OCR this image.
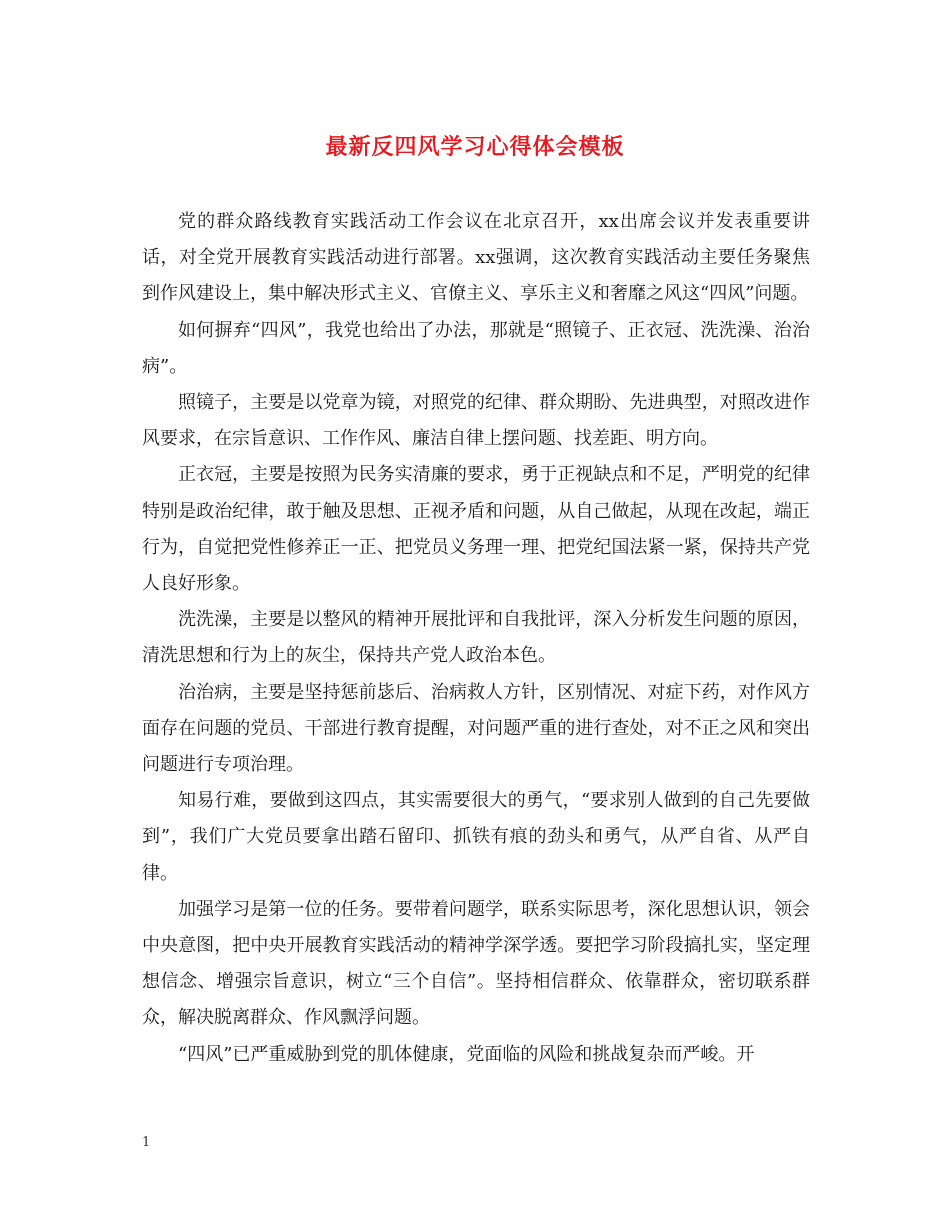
最新反四风学习心得体会模板

党的群众路线教育实践活动工作会议在北京召开，xx出席会议并发表重要讲话，对全党开展教育实践活动进行部署。xx强调，这次教育实践活动主要任务聚焦到作风建设上，集中解决形式主义、官僚主义、享乐主义和奢靡之风这“四风”问题。

如何摒弃“四风”，我党也给出了办法，那就是“照镜子、正衣冠、洗洗澡、治治病”。

照镜子，主要是以党章为镜，对照党的纪律、群众期盼、先进典型，对照改进作风要求，在宗旨意识、工作作风、廉洁自律上摆问题、找差距、明方向。

正衣冠，主要是按照为民务实清廉的要求，勇于正视缺点和不足，严明党的纪律特别是政治纪律，敢于触及思想、正视矛盾和问题，从自己做起，从现在改起，端正行为，自觉把党性修养正一正、把党员义务理一理、把党纪国法紧一紧，保持共产党人良好形象。

洗洗澡，主要是以整风的精神开展批评和自我批评，深入分析发生问题的原因，清洗思想和行为上的灰尘，保持共产党人政治本色。

治治病，主要是坚持惩前毖后、治病救人方针，区别情况、对症下药，对作风方面存在问题的党员、干部进行教育提醒，对问题严重的进行查处，对不正之风和突出问题进行专项治理。

知易行难，要做到这四点，其实需要很大的勇气，“要求别人做到的自己先要做到”，我们广大党员要拿出踏石留印、抓铁有痕的劲头和勇气，从严自省、从严自律。

加强学习是第一位的任务。要带着问题学，联系实际思考，深化思想认识，领会中央意图，把中央开展教育实践活动的精神学深学透。要把学习阶段搞扎实，坚定理想信念、增强宗旨意识，树立“三个自信”。坚持相信群众、依靠群众，密切联系群众，解决脱离群众、作风飘浮问题。

“四风”已严重威胁到党的肌体健康，党面临的风险和挑战复杂而严峻。开

1
